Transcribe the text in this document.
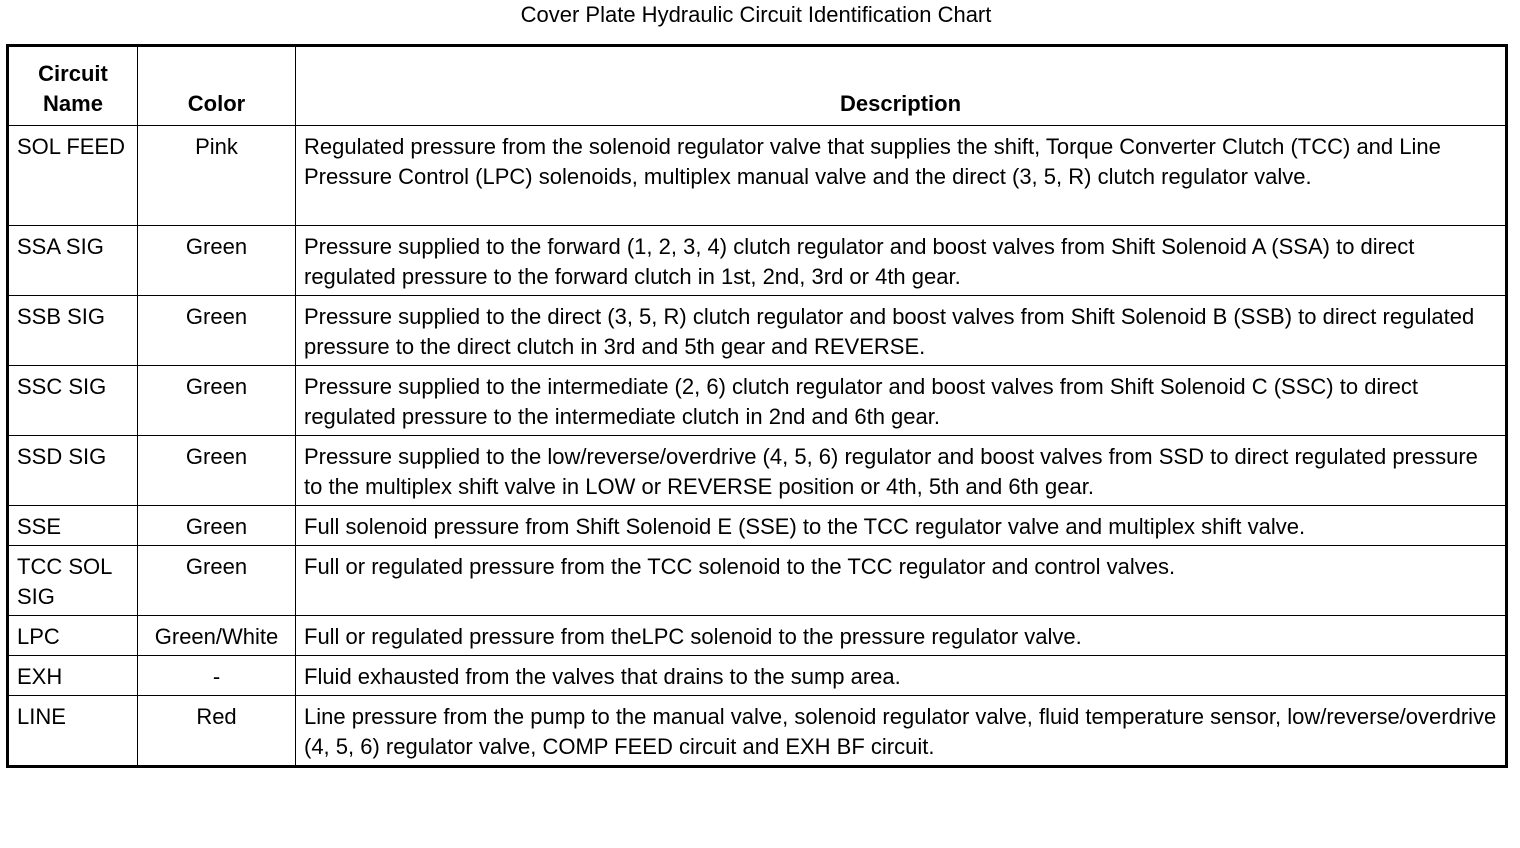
Cover Plate Hydraulic Circuit Identification Chart
Circuit
Name	Color	Description
SOL FEED	Pink	Regulated pressure from the solenoid regulator valve that supplies the shift, Torque Converter Clutch (TCC) and Line Pressure Control (LPC) solenoids, multiplex manual valve and the direct (3, 5, R) clutch regulator valve.
SSA SIG	Green	Pressure supplied to the forward (1, 2, 3, 4) clutch regulator and boost valves from Shift Solenoid A (SSA) to direct regulated pressure to the forward clutch in 1st, 2nd, 3rd or 4th gear.
SSB SIG	Green	Pressure supplied to the direct (3, 5, R) clutch regulator and boost valves from Shift Solenoid B (SSB) to direct regulated pressure to the direct clutch in 3rd and 5th gear and REVERSE.
SSC SIG	Green	Pressure supplied to the intermediate (2, 6) clutch regulator and boost valves from Shift Solenoid C (SSC) to direct regulated pressure to the intermediate clutch in 2nd and 6th gear.
SSD SIG	Green	Pressure supplied to the low/reverse/overdrive (4, 5, 6) regulator and boost valves from SSD to direct regulated pressure to the multiplex shift valve in LOW or REVERSE position or 4th, 5th and 6th gear.
SSE	Green	Full solenoid pressure from Shift Solenoid E (SSE) to the TCC regulator valve and multiplex shift valve.
TCC SOL SIG	Green	Full or regulated pressure from the TCC solenoid to the TCC regulator and control valves.
LPC	Green/White	Full or regulated pressure from theLPC solenoid to the pressure regulator valve.
EXH	-	Fluid exhausted from the valves that drains to the sump area.
LINE	Red	Line pressure from the pump to the manual valve, solenoid regulator valve, fluid temperature sensor, low/reverse/overdrive (4, 5, 6) regulator valve, COMP FEED circuit and EXH BF circuit.
